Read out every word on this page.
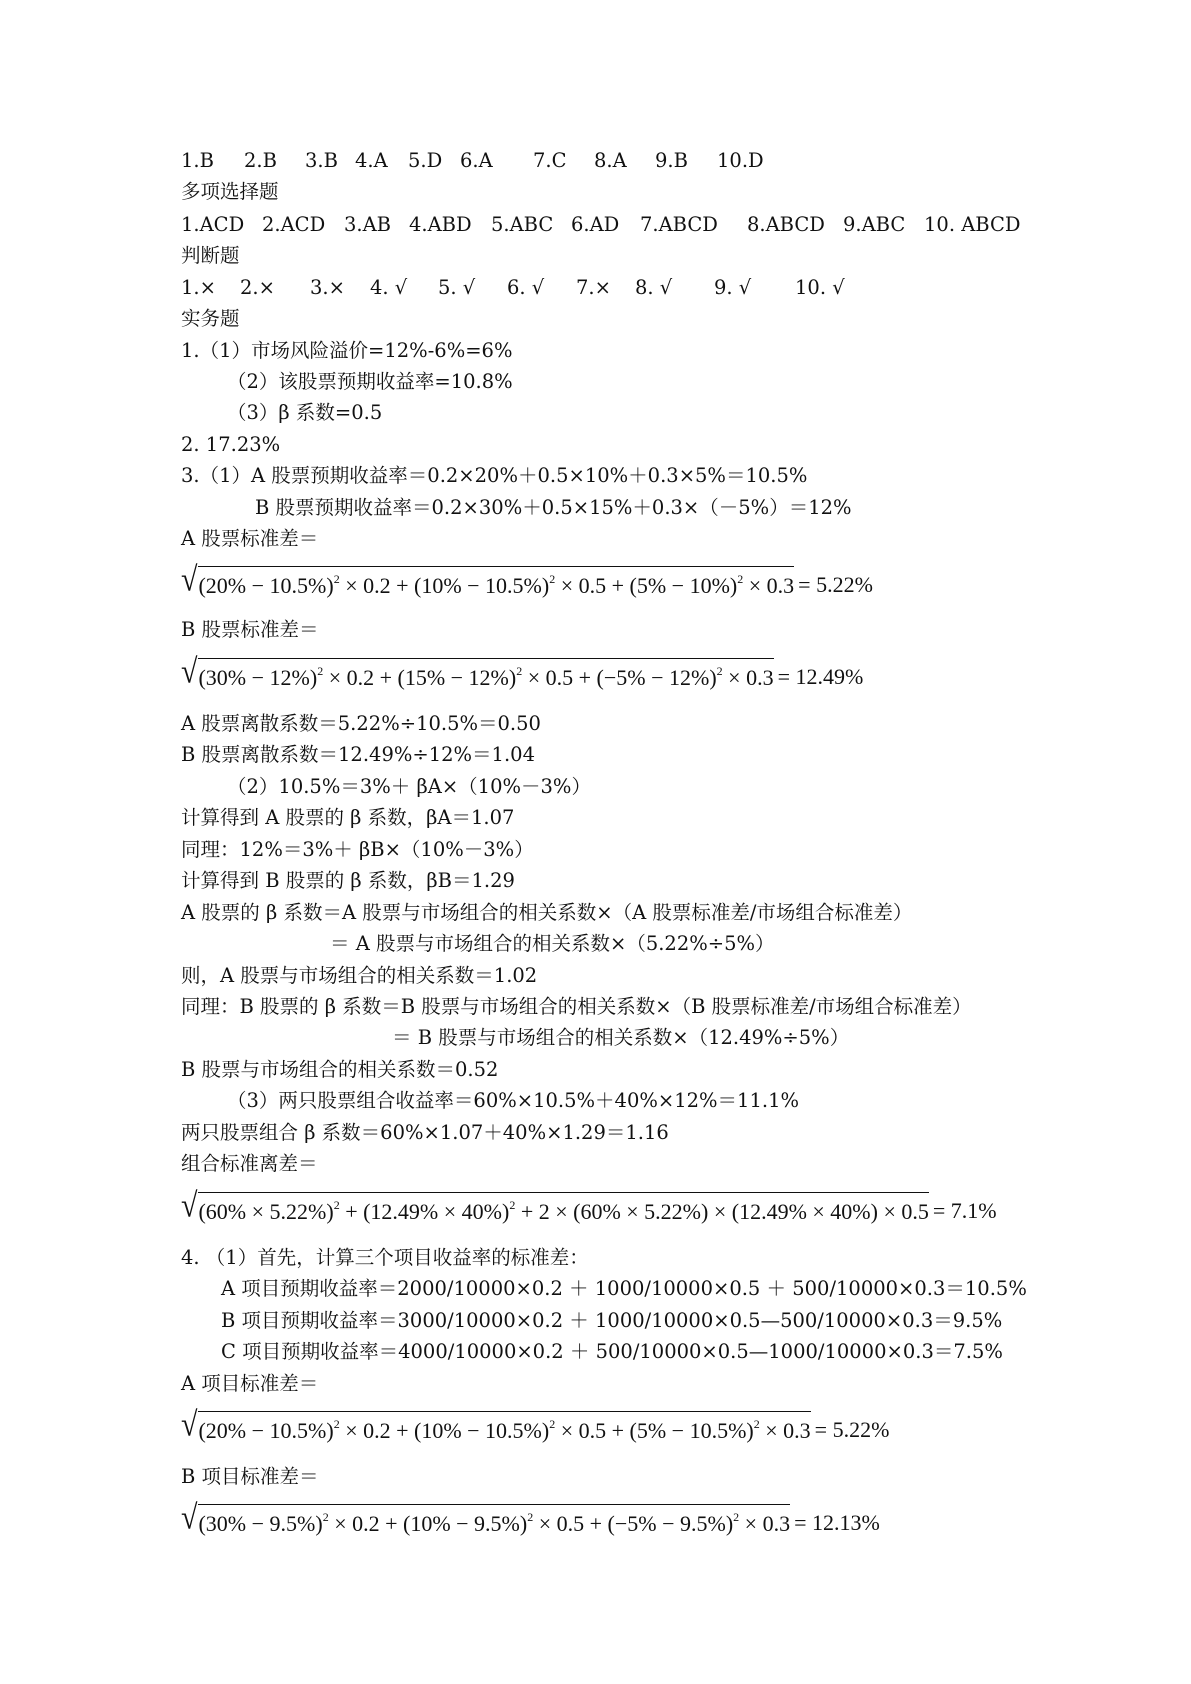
1.B 2.B 3.B 4.A 5.D 6.A 7.C 8.A 9.B 10.D
多项选择题
1.ACD 2.ACD 3.AB 4.ABD 5.ABC 6.AD 7.ABCD 8.ABCD 9.ABC 10. ABCD
判断题
1.× 2.× 3.× 4. √ 5. √ 6. √ 7.× 8. √ 9. √ 10. √
实务题
1.（1）市场风险溢价=12%-6%=6%
（2）该股票预期收益率=10.8%
（3）β 系数=0.5
2. 17.23%
3.（1）A 股票预期收益率＝0.2×20%＋0.5×10%＋0.3×5%＝10.5%
B 股票预期收益率＝0.2×30%＋0.5×15%＋0.3×（－5%）＝12%
A 股票标准差＝
$√(20\% - 10.5\%)^2 \times 0.2 + (10\% - 10.5\%)^2 \times 0.5 + (5\% - 10\%)^2 \times 0.3 = 5.22\%$
B 股票标准差＝
$√(30\% - 12\%)^2 \times 0.2 + (15\% - 12\%)^2 \times 0.5 + (-5\% - 12\%)^2 \times 0.3 = 12.49\%$
A 股票离散系数＝5.22%÷10.5%＝0.50
B 股票离散系数＝12.49%÷12%＝1.04
（2）10.5%＝3%＋ βA×（10%－3%）
计算得到 A 股票的 β 系数，βA＝1.07
同理：12%＝3%＋ βB×（10%－3%）
计算得到 B 股票的 β 系数，βB＝1.29
A 股票的 β 系数＝A 股票与市场组合的相关系数×（A 股票标准差/市场组合标准差）
＝ A 股票与市场组合的相关系数×（5.22%÷5%）
则，A 股票与市场组合的相关系数＝1.02
同理：B 股票的 β 系数＝B 股票与市场组合的相关系数×（B 股票标准差/市场组合标准差）
＝ B 股票与市场组合的相关系数×（12.49%÷5%）
B 股票与市场组合的相关系数＝0.52
（3）两只股票组合收益率＝60%×10.5%＋40%×12%＝11.1%
两只股票组合 β 系数＝60%×1.07＋40%×1.29＝1.16
组合标准离差＝
$√(60\% \times 5.22\%)^2 + (12.49\% \times 40\%)^2 + 2 \times (60\% \times 5.22\%) \times (12.49\% \times 40\%) \times 0.5 = 7.1\%$
4. （1）首先，计算三个项目收益率的标准差：
A 项目预期收益率＝2000/10000×0.2 ＋ 1000/10000×0.5 ＋ 500/10000×0.3＝10.5%
B 项目预期收益率＝3000/10000×0.2 ＋ 1000/10000×0.5—500/10000×0.3＝9.5%
C 项目预期收益率＝4000/10000×0.2 ＋ 500/10000×0.5—1000/10000×0.3＝7.5%
A 项目标准差＝
$√(20\% - 10.5\%)^2 \times 0.2 + (10\% - 10.5\%)^2 \times 0.5 + (5\% - 10.5\%)^2 \times 0.3 = 5.22\%$
B 项目标准差＝
$√(30\% - 9.5\%)^2 \times 0.2 + (10\% - 9.5\%)^2 \times 0.5 + (-5\% - 9.5\%)^2 \times 0.3 = 12.13\%$
